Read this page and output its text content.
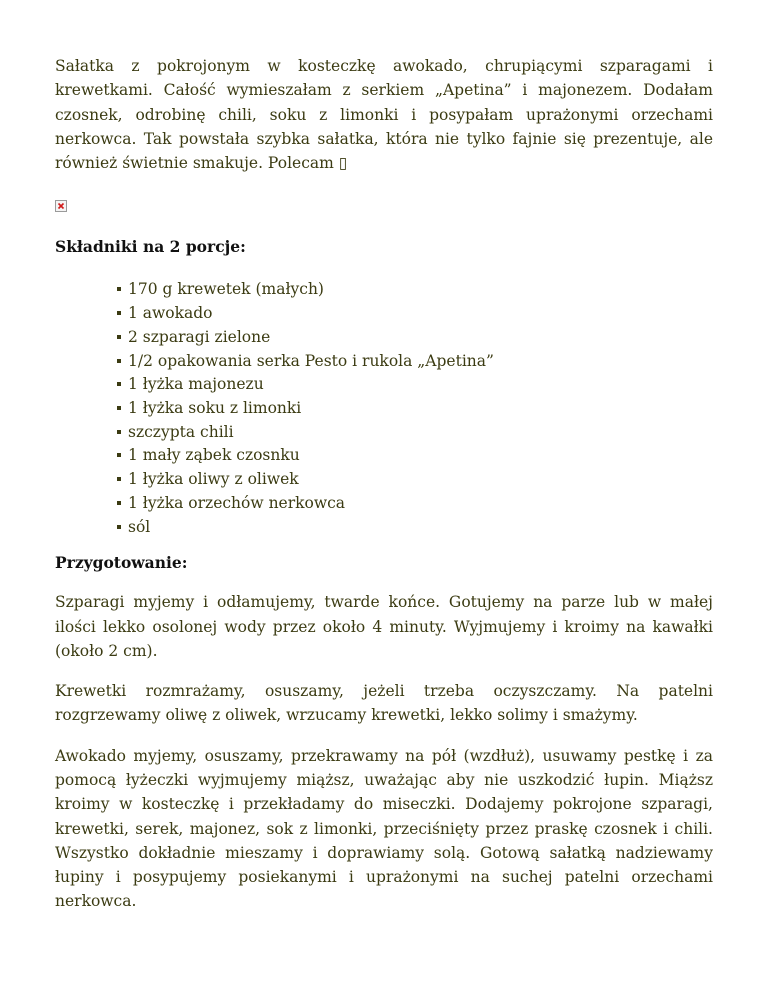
Sałatka z pokrojonym w kosteczkę awokado, chrupiącymi szparagami i krewetkami. Całość wymieszałam z serkiem „Apetina” i majonezem. Dodałam czosnek, odrobinę chili, soku z limonki i posypałam uprażonymi orzechami nerkowca. Tak powstała szybka sałatka, która nie tylko fajnie się prezentuje, ale również świetnie smakuje. Polecam ▯

Składniki na 2 porcje:
170 g krewetek (małych)
1 awokado
2 szparagi zielone
1/2 opakowania serka Pesto i rukola „Apetina”
1 łyżka majonezu
1 łyżka soku z limonki
szczypta chili
1 mały ząbek czosnku
1 łyżka oliwy z oliwek
1 łyżka orzechów nerkowca
sól
Przygotowanie:

Szparagi myjemy i odłamujemy, twarde końce. Gotujemy na parze lub w małej ilości lekko osolonej wody przez około 4 minuty. Wyjmujemy i kroimy na kawałki (około 2 cm).

Krewetki rozmrażamy, osuszamy, jeżeli trzeba oczyszczamy. Na patelni rozgrzewamy oliwę z oliwek, wrzucamy krewetki, lekko solimy i smażymy.

Awokado myjemy, osuszamy, przekrawamy na pół (wzdłuż), usuwamy pestkę i za pomocą łyżeczki wyjmujemy miąższ, uważając aby nie uszkodzić łupin. Miąższ kroimy w kosteczkę i przekładamy do miseczki. Dodajemy pokrojone szparagi, krewetki, serek, majonez, sok z limonki, przeciśnięty przez praskę czosnek i chili. Wszystko dokładnie mieszamy i doprawiamy solą. Gotową sałatką nadziewamy łupiny i posypujemy posiekanymi i uprażonymi na suchej patelni orzechami nerkowca.
